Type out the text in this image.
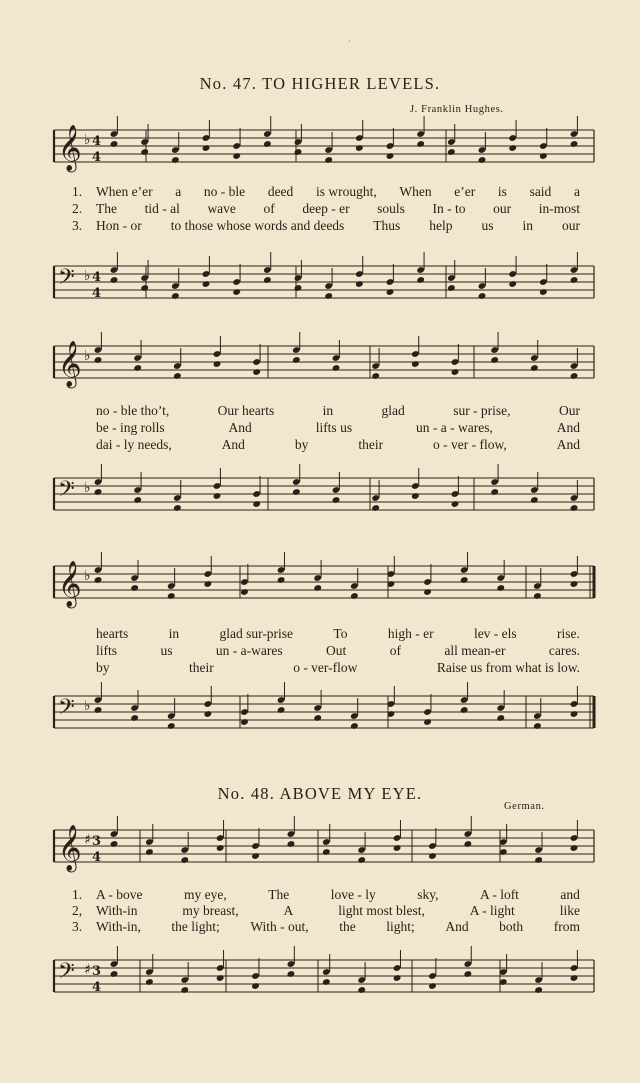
No. 47. TO HIGHER LEVELS.
J. Franklin Hughes.
𝄞 ♭ 4
4
1. When e’er a no - ble deed is wrought, When e’er is said a
2. The tid - al wave of deep - er souls In - to our in-most
3. Hon - or to those whose words and deeds Thus help us in our
𝄢 ♭ 4
4
𝄞 ♭
no - ble tho’t,	Our hearts	in	glad	sur - prise,	Our
be - ing rolls	And	lifts us	un - a - wares,	And
dai - ly needs,	And	by	their	o - ver - flow,	And
𝄢 ♭
𝄞 ♭
hearts	in	glad sur-prise	To	high - er	lev - els	rise.
lifts	us	un - a-wares	Out	of	all mean-er	cares.
by	their	o - ver-flow	Raise us from what is low.
𝄢 ♭
No. 48. ABOVE MY EYE.
German.
𝄞 ♯ 3
4
1. A - bove	my eye,	The	love - ly	sky,	A - loft	and
2, With-in	my breast,	A	light most blest,	A - light	like
3. With-in, the light; With - out, the light; And both from
𝄢 ♯ 3
4
·
